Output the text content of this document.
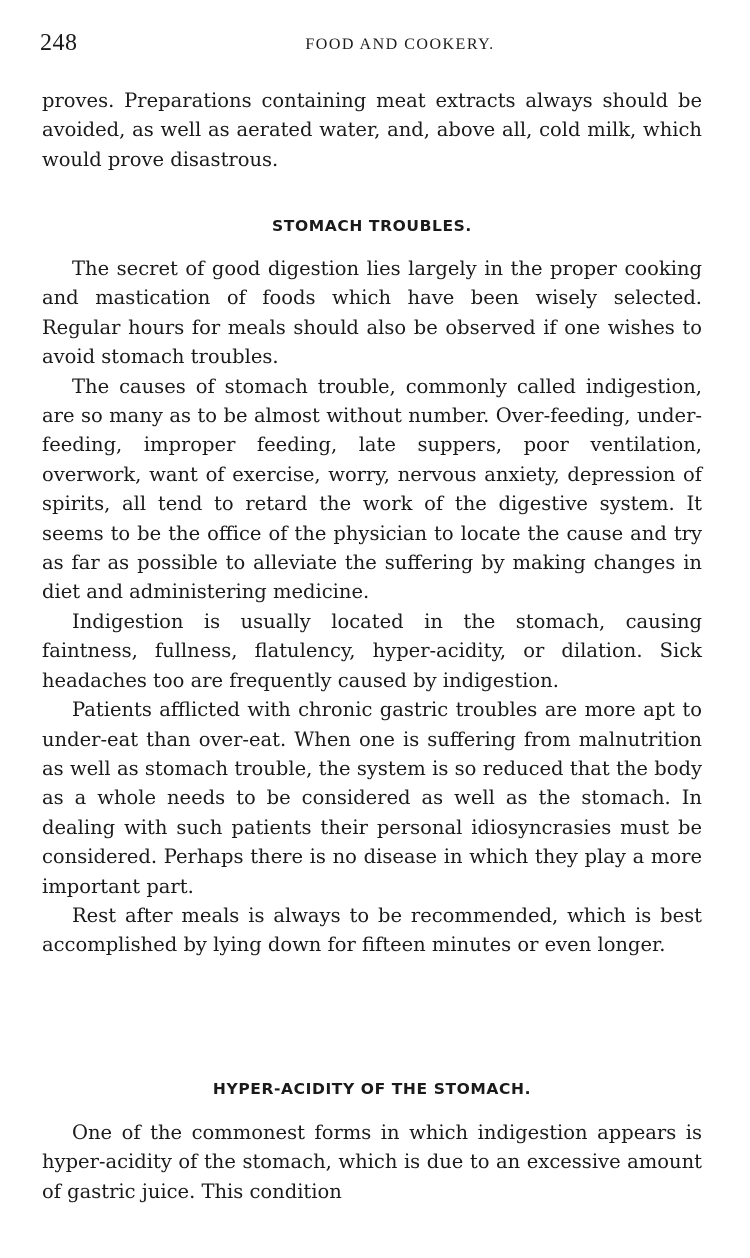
248	FOOD AND COOKERY.

proves. Preparations containing meat extracts always should be avoided, as well as aerated water, and, above all, cold milk, which would prove disastrous.

STOMACH TROUBLES.

The secret of good digestion lies largely in the proper cooking and mastication of foods which have been wisely selected. Regular hours for meals should also be observed if one wishes to avoid stomach troubles.

The causes of stomach trouble, commonly called indigestion, are so many as to be almost without number. Over-feeding, under-feeding, improper feeding, late suppers, poor ventilation, overwork, want of exercise, worry, nervous anxiety, depression of spirits, all tend to retard the work of the digestive system. It seems to be the office of the physician to locate the cause and try as far as possible to alleviate the suffering by making changes in diet and administering medicine.

Indigestion is usually located in the stomach, causing faintness, fullness, flatulency, hyper-acidity, or dilation. Sick headaches too are frequently caused by indigestion.

Patients afflicted with chronic gastric troubles are more apt to under-eat than over-eat. When one is suffering from malnutrition as well as stomach trouble, the system is so reduced that the body as a whole needs to be considered as well as the stomach. In dealing with such patients their personal idiosyncrasies must be considered. Perhaps there is no disease in which they play a more important part.

Rest after meals is always to be recommended, which is best accomplished by lying down for fifteen minutes or even longer.

HYPER-ACIDITY OF THE STOMACH.

One of the commonest forms in which indigestion appears is hyper-acidity of the stomach, which is due to an excessive amount of gastric juice. This condition
